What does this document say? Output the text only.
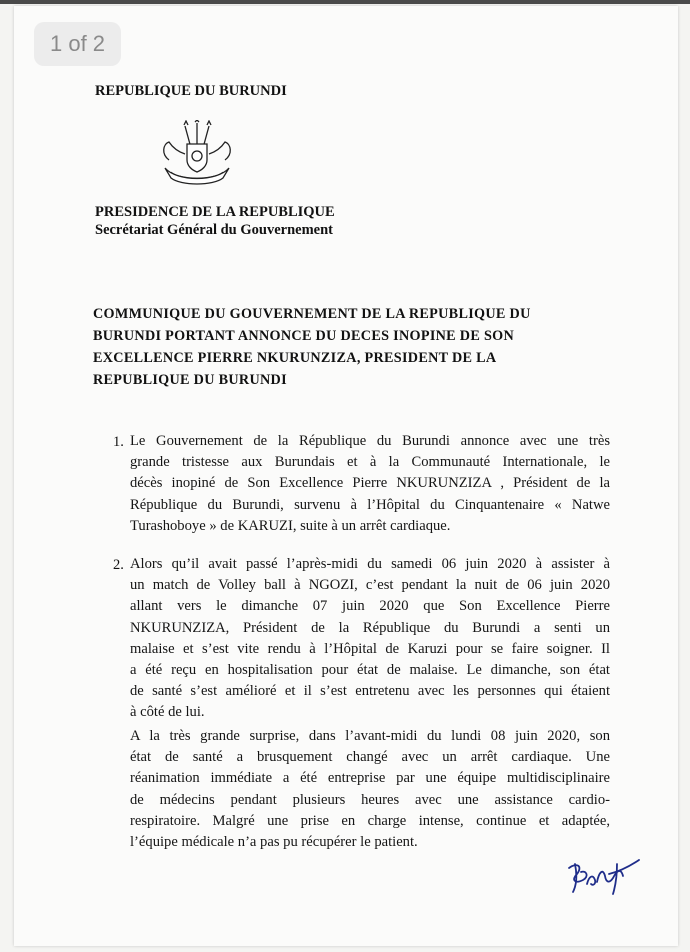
1 of 2
REPUBLIQUE DU BURUNDI
PRESIDENCE DE LA REPUBLIQUE
Secrétariat Général du Gouvernement
COMMUNIQUE DU GOUVERNEMENT DE LA REPUBLIQUE DU
BURUNDI PORTANT ANNONCE DU DECES INOPINE DE SON
EXCELLENCE PIERRE NKURUNZIZA, PRESIDENT DE LA
REPUBLIQUE DU BURUNDI
1. Le Gouvernement de la République du Burundi annonce avec une très
grande tristesse aux Burundais et à la Communauté Internationale, le
décès inopiné de Son Excellence Pierre NKURUNZIZA , Président de la
République du Burundi, survenu à l’Hôpital du Cinquantenaire « Natwe
Turashoboye » de KARUZI, suite à un arrêt cardiaque.
2. Alors qu’il avait passé l’après-midi du samedi 06 juin 2020 à assister à
un match de Volley ball à NGOZI, c’est pendant la nuit de 06 juin 2020
allant vers le dimanche 07 juin 2020 que Son Excellence Pierre
NKURUNZIZA, Président de la République du Burundi a senti un
malaise et s’est vite rendu à l’Hôpital de Karuzi pour se faire soigner. Il
a été reçu en hospitalisation pour état de malaise. Le dimanche, son état
de santé s’est amélioré et il s’est entretenu avec les personnes qui étaient
à côté de lui.
A la très grande surprise, dans l’avant-midi du lundi 08 juin 2020, son
état de santé a brusquement changé avec un arrêt cardiaque. Une
réanimation immédiate a été entreprise par une équipe multidisciplinaire
de médecins pendant plusieurs heures avec une assistance cardio-
respiratoire. Malgré une prise en charge intense, continue et adaptée,
l’équipe médicale n’a pas pu récupérer le patient.
